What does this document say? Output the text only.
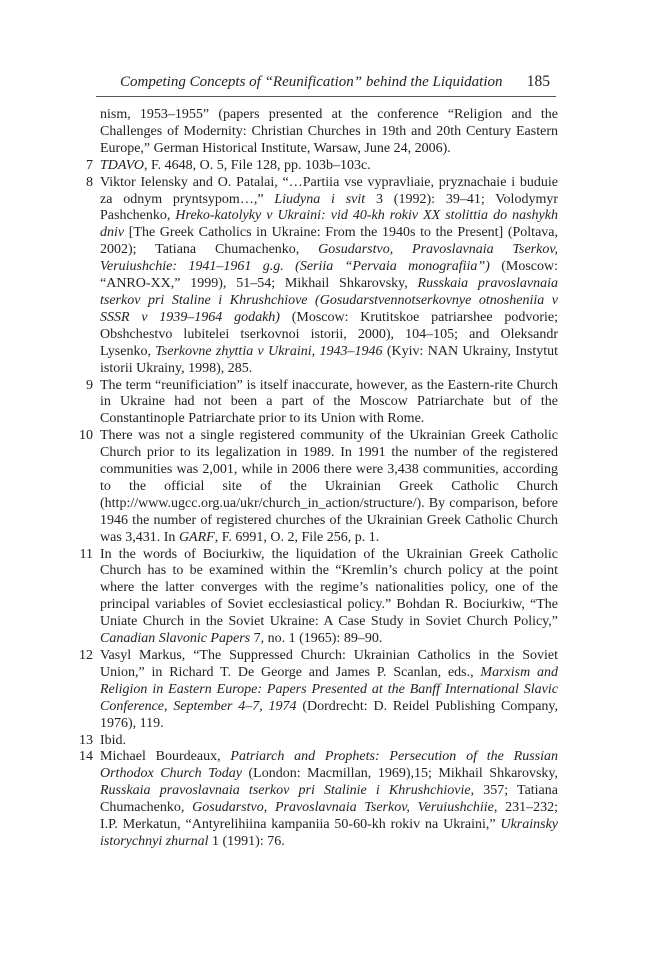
Competing Concepts of “Reunification” behind the Liquidation 185
nism, 1953–1955” (papers presented at the conference “Religion and the Challenges of Modernity: Christian Churches in 19th and 20th Century Eastern Europe,” German Historical Institute, Warsaw, June 24, 2006).
7 TDAVO, F. 4648, O. 5, File 128, pp. 103b–103c.
8 Viktor Ielensky and O. Patalai, “…Partiia vse vypravliaie, pryznachaie i buduie za odnym pryntsypom…,” Liudyna i svit 3 (1992): 39–41; Volodymyr Pashchenko, Hreko-katolyky v Ukraini: vid 40-kh rokiv XX stolittia do nashykh dniv [The Greek Catholics in Ukraine: From the 1940s to the Present] (Poltava, 2002); Tatiana Chumachenko, Gosudarstvo, Pravoslavnaia Tserkov, Veruiushchie: 1941–1961 g.g. (Seriia “Pervaia monografiia”) (Moscow: “ANRO-XX,” 1999), 51–54; Mikhail Shkarovsky, Russkaia pravoslavnaia tserkov pri Staline i Khrushchiove (Gosudarstvennotserkovnye otnosheniia v SSSR v 1939–1964 godakh) (Moscow: Krutitskoe patriarshee podvorie; Obshchestvo lubitelei tserkovnoi istorii, 2000), 104–105; and Oleksandr Lysenko, Tserkovne zhyttia v Ukraini, 1943–1946 (Kyiv: NAN Ukrainy, Instytut istorii Ukrainy, 1998), 285.
9 The term “reunificiation” is itself inaccurate, however, as the Eastern-rite Church in Ukraine had not been a part of the Moscow Patriarchate but of the Constantinople Patriarchate prior to its Union with Rome.
10 There was not a single registered community of the Ukrainian Greek Catholic Church prior to its legalization in 1989. In 1991 the number of the registered communities was 2,001, while in 2006 there were 3,438 communities, according to the official site of the Ukrainian Greek Catholic Church (http://www.ugcc.org.ua/ukr/church_in_action/structure/). By comparison, before 1946 the number of registered churches of the Ukrainian Greek Catholic Church was 3,431. In GARF, F. 6991, O. 2, File 256, p. 1.
11 In the words of Bociurkiw, the liquidation of the Ukrainian Greek Catholic Church has to be examined within the “Kremlin’s church policy at the point where the latter converges with the regime’s nationalities policy, one of the principal variables of Soviet ecclesiastical policy.” Bohdan R. Bociurkiw, “The Uniate Church in the Soviet Ukraine: A Case Study in Soviet Church Policy,” Canadian Slavonic Papers 7, no. 1 (1965): 89–90.
12 Vasyl Markus, “The Suppressed Church: Ukrainian Catholics in the Soviet Union,” in Richard T. De George and James P. Scanlan, eds., Marxism and Religion in Eastern Europe: Papers Presented at the Banff International Slavic Conference, September 4–7, 1974 (Dordrecht: D. Reidel Publishing Company, 1976), 119.
13 Ibid.
14 Michael Bourdeaux, Patriarch and Prophets: Persecution of the Russian Orthodox Church Today (London: Macmillan, 1969),15; Mikhail Shkarovsky, Russkaia pravoslavnaia tserkov pri Stalinie i Khrushchiovie, 357; Tatiana Chumachenko, Gosudarstvo, Pravoslavnaia Tserkov, Veruiushchiie, 231–232; I.P. Merkatun, “Antyrelihiina kampaniia 50-60-kh rokiv na Ukraini,” Ukrainsky istorychnyi zhurnal 1 (1991): 76.
